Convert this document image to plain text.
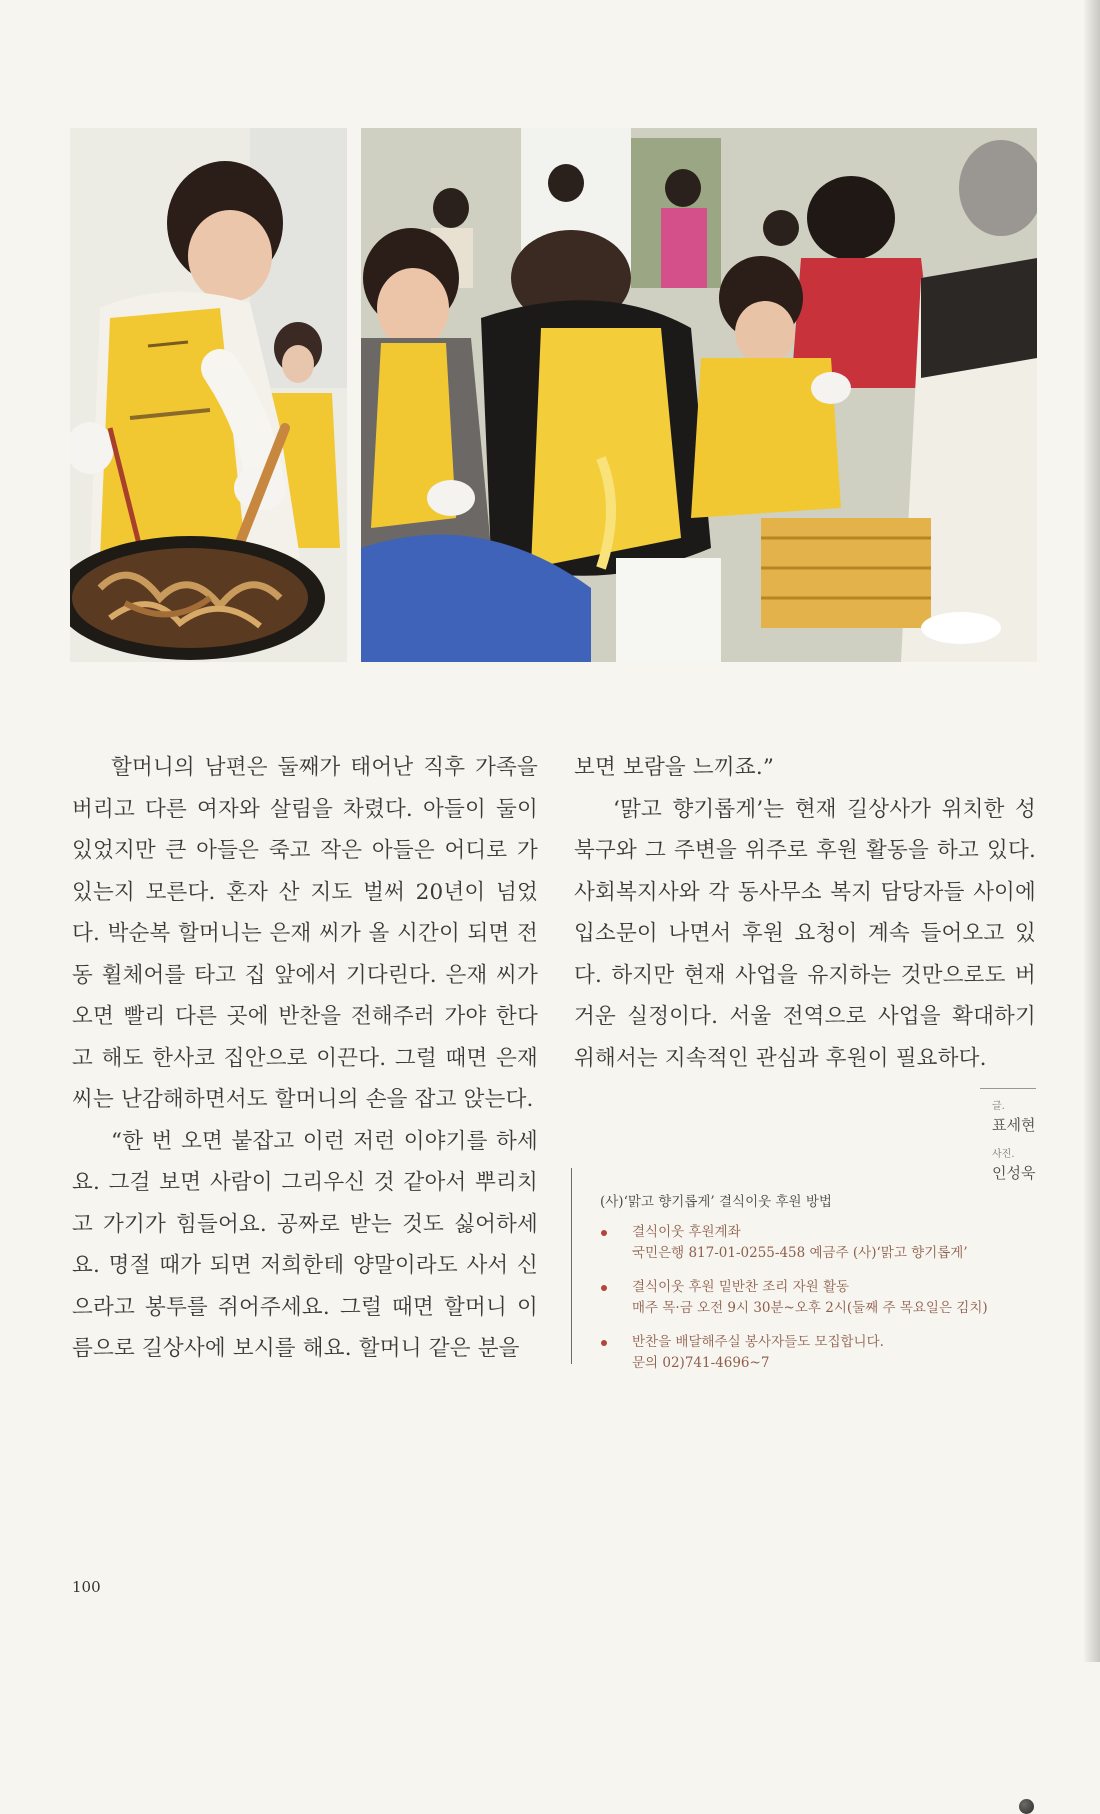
할머니의 남편은 둘째가 태어난 직후 가족을 버리고 다른 여자와 살림을 차렸다. 아들이 둘이 있었지만 큰 아들은 죽고 작은 아들은 어디로 가 있는지 모른다. 혼자 산 지도 벌써 20년이 넘었다. 박순복 할머니는 은재 씨가 올 시간이 되면 전동 휠체어를 타고 집 앞에서 기다린다. 은재 씨가 오면 빨리 다른 곳에 반찬을 전해주러 가야 한다고 해도 한사코 집안으로 이끈다. 그럴 때면 은재 씨는 난감해하면서도 할머니의 손을 잡고 앉는다.

“한 번 오면 붙잡고 이런 저런 이야기를 하세요. 그걸 보면 사람이 그리우신 것 같아서 뿌리치고 가기가 힘들어요. 공짜로 받는 것도 싫어하세요. 명절 때가 되면 저희한테 양말이라도 사서 신으라고 봉투를 쥐어주세요. 그럴 때면 할머니 이름으로 길상사에 보시를 해요. 할머니 같은 분을

보면 보람을 느끼죠.”

‘맑고 향기롭게’는 현재 길상사가 위치한 성북구와 그 주변을 위주로 후원 활동을 하고 있다. 사회복지사와 각 동사무소 복지 담당자들 사이에 입소문이 나면서 후원 요청이 계속 들어오고 있다. 하지만 현재 사업을 유지하는 것만으로도 버거운 실정이다. 서울 전역으로 사업을 확대하기 위해서는 지속적인 관심과 후원이 필요하다.

글.
표세현
사진.
인성욱

(사)‘맑고 향기롭게’ 결식이웃 후원 방법

결식이웃 후원계좌
국민은행 817-01-0255-458 예금주 (사)‘맑고 향기롭게’
결식이웃 후원 밑반찬 조리 자원 활동
매주 목·금 오전 9시 30분~오후 2시(둘째 주 목요일은 김치)
반찬을 배달해주실 봉사자들도 모집합니다.
문의 02)741-4696~7
100
